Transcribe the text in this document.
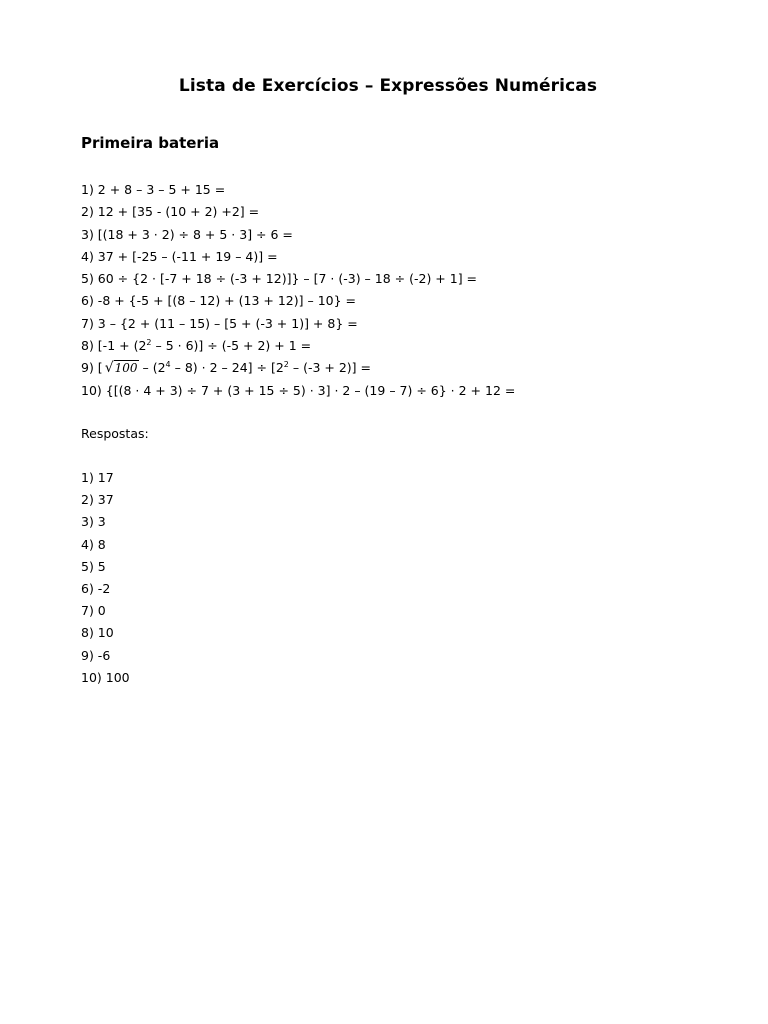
Lista de Exercícios – Expressões Numéricas
Primeira bateria
1) 2 + 8 – 3 – 5 + 15 =
2) 12 + [35 - (10 + 2) +2] =
3) [(18 + 3 · 2) ÷ 8 + 5 · 3] ÷ 6 =
4) 37 + [-25 – (-11 + 19 – 4)] =
5) 60 ÷ {2 · [-7 + 18 ÷ (-3 + 12)]} – [7 · (-3) – 18 ÷ (-2) + 1] =
6) -8 + {-5 + [(8 – 12) + (13 + 12)] – 10} =
7) 3 – {2 + (11 – 15) – [5 + (-3 + 1)] + 8} =
8) $[-1 + (2^2 - 5 \cdot 6)] \div (-5 + 2) + 1$ =
9) [ $√100 - (2^4 - 8) \cdot 2 - 24] \div [2^2 - (-3 + 2)]$ =
10) {[(8 · 4 + 3) ÷ 7 + (3 + 15 ÷ 5) · 3] · 2 – (19 – 7) ÷ 6} · 2 + 12 =
Respostas:
1) 17
2) 37
3) 3
4) 8
5) 5
6) -2
7) 0
8) 10
9) -6
10) 100
